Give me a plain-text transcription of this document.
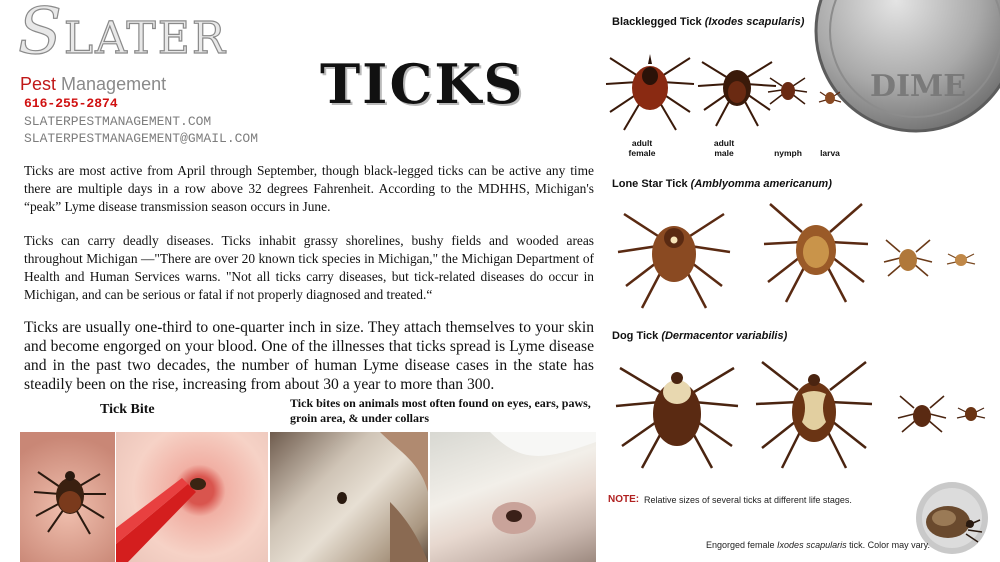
SLATER
Pest Management
616-255-2874
SLATERPESTMANAGEMENT.COM
SLATERPESTMANAGEMENT@GMAIL.COM
TICKS
Ticks are most active from April through September, though black-legged ticks can be active any time there are multiple days in a row above 32 degrees Fahrenheit. According to the MDHHS, Michigan's “peak” Lyme disease transmission season occurs in June.
Ticks can carry deadly diseases. Ticks inhabit grassy shorelines, bushy fields and wooded areas throughout Michigan —"There are over 20 known tick species in Michigan," the Michigan Department of Health and Human Services warns. "Not all ticks carry diseases, but tick-related diseases do occur in Michigan, and can be serious or fatal if not properly diagnosed and treated.“
Ticks are usually one-third to one-quarter inch in size. They attach themselves to your skin and become engorged on your blood. One of the illnesses that ticks spread is Lyme disease and in the past two decades, the number of human Lyme disease cases in the state has steadily been on the rise, increasing from about 30 a year to more than 300.
Tick Bite	Tick bites on animals most often found on eyes, ears, paws, groin area, & under collars
DIME
Blacklegged Tick (Ixodes scapularis)
Lone Star Tick (Amblyomma americanum)
Dog Tick (Dermacentor variabilis)
adult
female
adult
male	nymph	larva
NOTE: Relative sizes of several ticks at different life stages.
Engorged female Ixodes scapularis tick. Color may vary.
